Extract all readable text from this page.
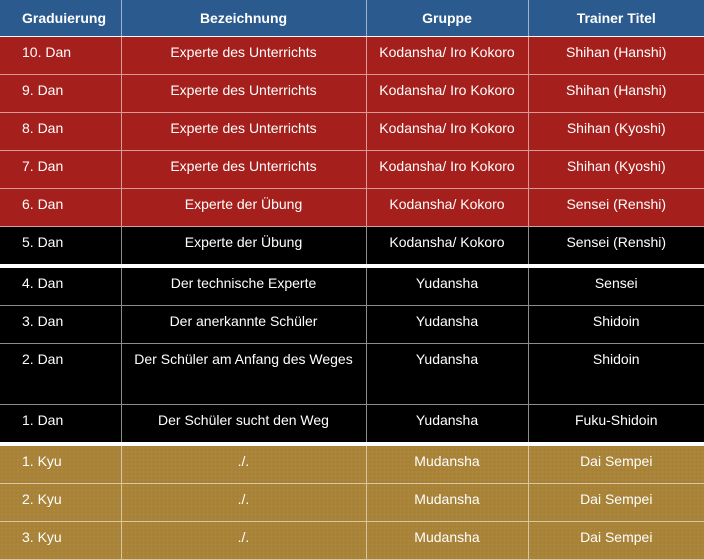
Graduierung	Bezeichnung	Gruppe	Trainer Titel
10. Dan	Experte des Unterrichts	Kodansha/ Iro Kokoro	Shihan (Hanshi)
9. Dan	Experte des Unterrichts	Kodansha/ Iro Kokoro	Shihan (Hanshi)
8. Dan	Experte des Unterrichts	Kodansha/ Iro Kokoro	Shihan (Kyoshi)
7. Dan	Experte des Unterrichts	Kodansha/ Iro Kokoro	Shihan (Kyoshi)
6. Dan	Experte der Übung	Kodansha/ Kokoro	Sensei (Renshi)
5. Dan	Experte der Übung	Kodansha/ Kokoro	Sensei (Renshi)
4. Dan	Der technische Experte	Yudansha	Sensei
3. Dan	Der anerkannte Schüler	Yudansha	Shidoin
2. Dan	Der Schüler am Anfang des Weges	Yudansha	Shidoin
1. Dan	Der Schüler sucht den Weg	Yudansha	Fuku-Shidoin
1. Kyu	./.	Mudansha	Dai Sempei
2. Kyu	./.	Mudansha	Dai Sempei
3. Kyu	./.	Mudansha	Dai Sempei
